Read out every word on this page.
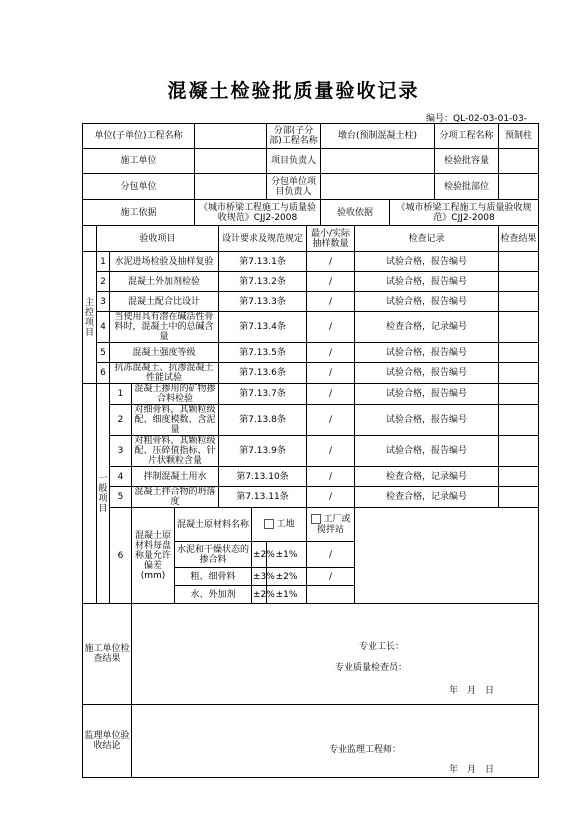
混凝土检验批质量验收记录
编号：QL-02-03-01-03-
单位(子单位)工程名称								分部(子分部)工程名称		墩台(预制混凝土柱)			分项工程名称	预制柱
施工单位								项目负责人					检验批容量	
分包单位								分包单位项目负责人					检验批部位	
施工依据					《城市桥梁工程施工与质量验收规范》CJJ2-2008					验收依据		《城市桥梁工程施工与质量验收规范》CJJ2-2008		
	验收项目					设计要求及规范规定			最小/实际抽样数量		检查记录			检查结果
主控项目	1	水泥进场检验及抽样复验				第7.13.1条			/		试验合格，报告编号			
	2	混凝土外加剂检验				第7.13.2条			/		试验合格，报告编号			
	3	混凝土配合比设计				第7.13.3条			/		试验合格，报告编号			
	4	当使用具有潜在碱活性骨料时，混凝土中的总碱含量				第7.13.4条			/		检查合格，记录编号			
	5	混凝土强度等级				第7.13.5条			/		试验合格，报告编号			
	6	抗冻混凝土、抗渗混凝土性能试验				第7.13.6条			/		试验合格，报告编号			
	一般项目	1	混凝土掺用的矿物掺合料检验			第7.13.7条			/		试验合格，报告编号			
		2	对细骨料，其颗粒级配、细度模数、含泥量			第7.13.8条			/		试验合格，报告编号			
		3	对粗骨料，其颗粒级配、压碎值指标、针片状颗粒含量			第7.13.9条			/		试验合格，报告编号			
		4	拌制混凝土用水			第7.13.10条			/		检查合格，记录编号			
		5	混凝土拌合物的坍落度			第7.13.11条			/		检查合格，记录编号			
		6	混凝土原材料每盘称量允许偏差(mm)	混凝土原材料名称			工地		工厂或搅拌站					
				水泥和干燥状态的掺合料			±2%	±1%	/					
				粗、细骨料			±3%	±2%	/					
				水、外加剂			±2%	±1%						
施工单位检查结果			专业工长：
专业质量检查员：
年　月　日											

监理单位验收结论			专业监理工程师：
年　月　日											
